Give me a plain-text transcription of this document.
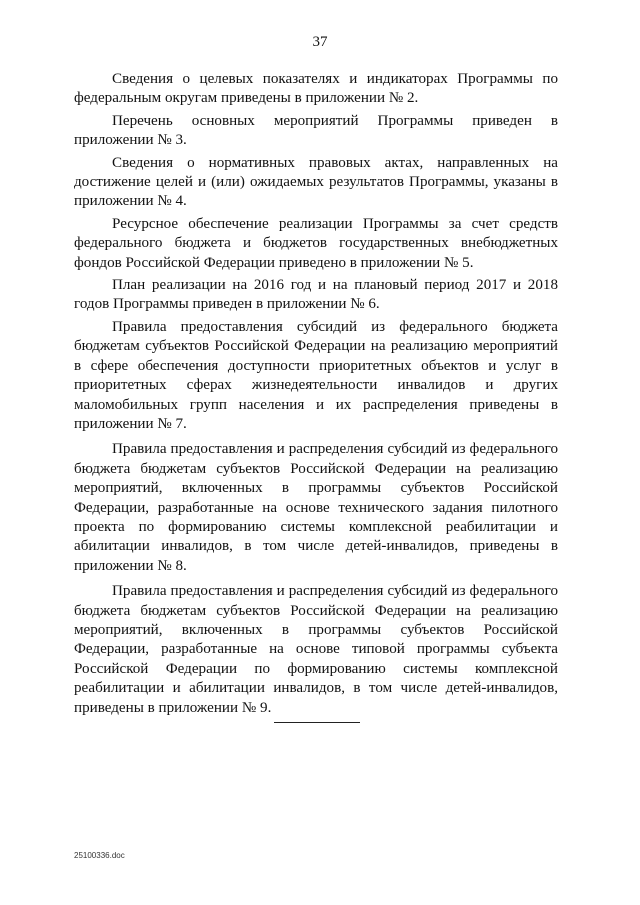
37

Сведения о целевых показателях и индикаторах Программы по федеральным округам приведены в приложении № 2.

Перечень основных мероприятий Программы приведен в приложении № 3.

Сведения о нормативных правовых актах, направленных на достижение целей и (или) ожидаемых результатов Программы, указаны в приложении № 4.

Ресурсное обеспечение реализации Программы за счет средств федерального бюджета и бюджетов государственных внебюджетных фондов Российской Федерации приведено в приложении № 5.

План реализации на 2016 год и на плановый период 2017 и 2018 годов Программы приведен в приложении № 6.

Правила предоставления субсидий из федерального бюджета бюджетам субъектов Российской Федерации на реализацию мероприятий в сфере обеспечения доступности приоритетных объектов и услуг в приоритетных сферах жизнедеятельности инвалидов и других маломобильных групп населения и их распределения приведены в приложении № 7.

Правила предоставления и распределения субсидий из федерального бюджета бюджетам субъектов Российской Федерации на реализацию мероприятий, включенных в программы субъектов Российской Федерации, разработанные на основе технического задания пилотного проекта по формированию системы комплексной реабилитации и абилитации инвалидов, в том числе детей-инвалидов, приведены в приложении № 8.

Правила предоставления и распределения субсидий из федерального бюджета бюджетам субъектов Российской Федерации на реализацию мероприятий, включенных в программы субъектов Российской Федерации, разработанные на основе типовой программы субъекта Российской Федерации по формированию системы комплексной реабилитации и абилитации инвалидов, в том числе детей-инвалидов, приведены в приложении № 9.

25100336.doc
